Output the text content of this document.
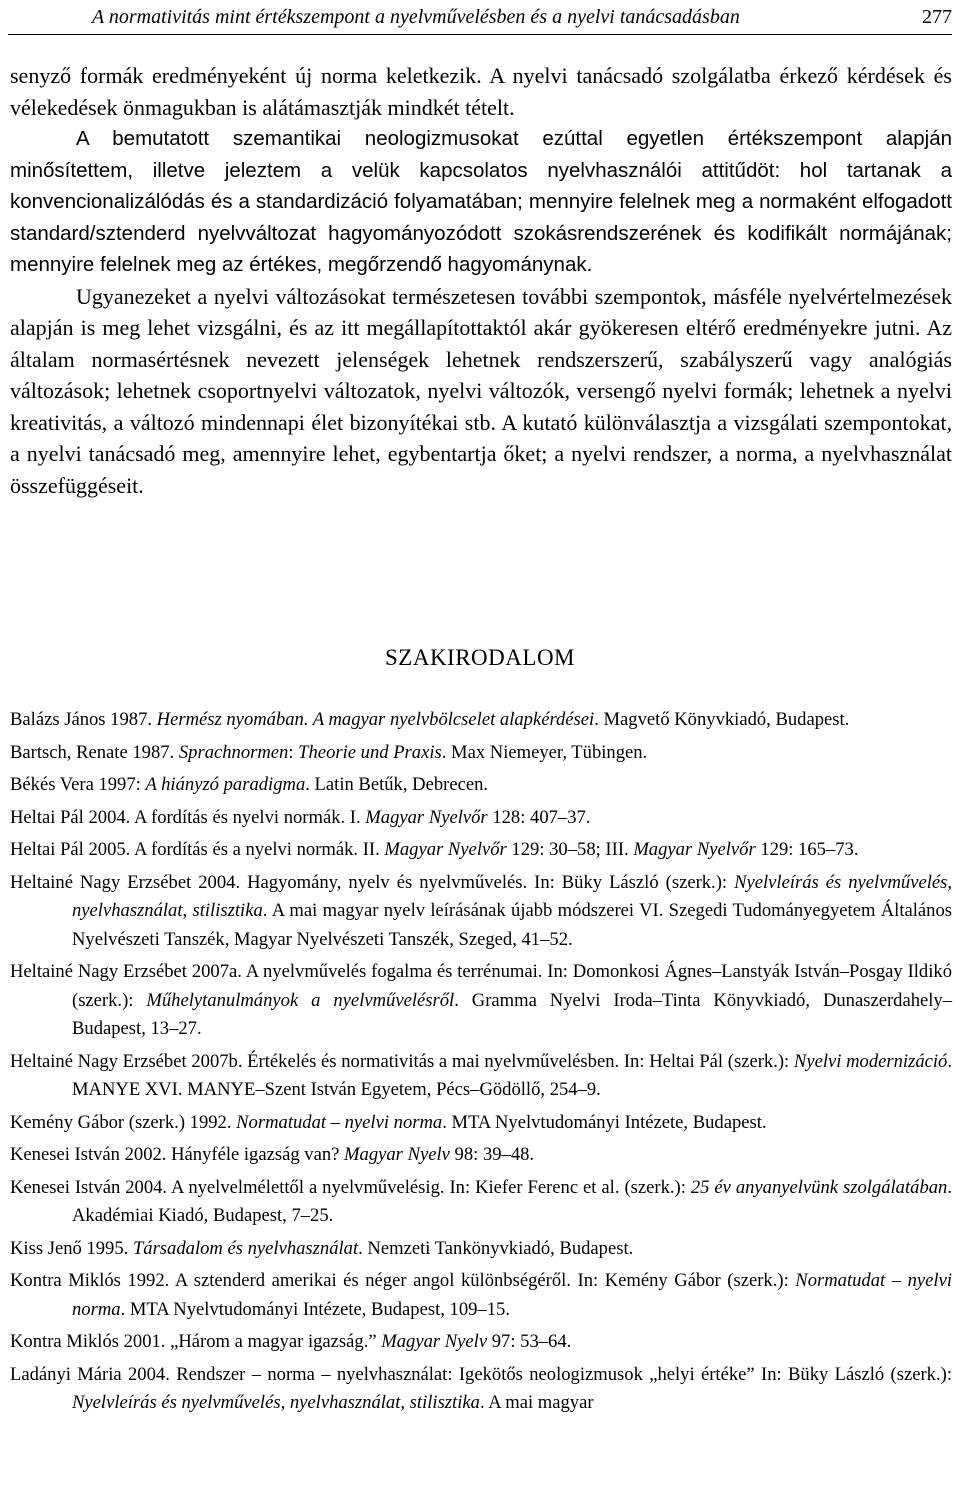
A normativitás mint értékszempont a nyelvművelésben és a nyelvi tanácsadásban	277

senyző formák eredményeként új norma keletkezik. A nyelvi tanácsadó szolgálatba érkező kérdések és vélekedések önmagukban is alátámasztják mindkét tételt.

A bemutatott szemantikai neologizmusokat ezúttal egyetlen értékszempont alapján minősítettem, illetve jeleztem a velük kapcsolatos nyelvhasználói attitűdöt: hol tartanak a konvencionalizálódás és a standardizáció folyamatában; mennyire felelnek meg a normaként elfogadott standard/sztenderd nyelvváltozat hagyományozódott szokásrendszerének és kodifikált normájának; mennyire felelnek meg az értékes, megőrzendő hagyománynak.

Ugyanezeket a nyelvi változásokat természetesen további szempontok, másféle nyelvértelmezések alapján is meg lehet vizsgálni, és az itt megállapítottaktól akár gyökeresen eltérő eredményekre jutni. Az általam normasértésnek nevezett jelenségek lehetnek rendszerszerű, szabályszerű vagy analógiás változások; lehetnek csoportnyelvi változatok, nyelvi változók, versengő nyelvi formák; lehetnek a nyelvi kreativitás, a változó mindennapi élet bizonyítékai stb. A kutató különválasztja a vizsgálati szempontokat, a nyelvi tanácsadó meg, amennyire lehet, egybentartja őket; a nyelvi rendszer, a norma, a nyelvhasználat összefüggéseit.

SZAKIRODALOM

Balázs János 1987. Hermész nyomában. A magyar nyelvbölcselet alapkérdései. Magvető Könyvkiadó, Budapest.

Bartsch, Renate 1987. Sprachnormen: Theorie und Praxis. Max Niemeyer, Tübingen.

Békés Vera 1997: A hiányzó paradigma. Latin Betűk, Debrecen.

Heltai Pál 2004. A fordítás és nyelvi normák. I. Magyar Nyelvőr 128: 407–37.

Heltai Pál 2005. A fordítás és a nyelvi normák. II. Magyar Nyelvőr 129: 30–58; III. Magyar Nyelvőr 129: 165–73.

Heltainé Nagy Erzsébet 2004. Hagyomány, nyelv és nyelvművelés. In: Büky László (szerk.): Nyelvleírás és nyelvművelés, nyelvhasználat, stilisztika. A mai magyar nyelv leírásának újabb módszerei VI. Szegedi Tudományegyetem Általános Nyelvészeti Tanszék, Magyar Nyelvészeti Tanszék, Szeged, 41–52.

Heltainé Nagy Erzsébet 2007a. A nyelvművelés fogalma és terrénumai. In: Domonkosi Ágnes–Lanstyák István–Posgay Ildikó (szerk.): Műhelytanulmányok a nyelvművelésről. Gramma Nyelvi Iroda–Tinta Könyvkiadó, Dunaszerdahely–Budapest, 13–27.

Heltainé Nagy Erzsébet 2007b. Értékelés és normativitás a mai nyelvművelésben. In: Heltai Pál (szerk.): Nyelvi modernizáció. MANYE XVI. MANYE–Szent István Egyetem, Pécs–Gödöllő, 254–9.

Kemény Gábor (szerk.) 1992. Normatudat – nyelvi norma. MTA Nyelvtudományi Intézete, Budapest.

Kenesei István 2002. Hányféle igazság van? Magyar Nyelv 98: 39–48.

Kenesei István 2004. A nyelvelmélettől a nyelvművelésig. In: Kiefer Ferenc et al. (szerk.): 25 év anyanyelvünk szolgálatában. Akadémiai Kiadó, Budapest, 7–25.

Kiss Jenő 1995. Társadalom és nyelvhasználat. Nemzeti Tankönyvkiadó, Budapest.

Kontra Miklós 1992. A sztenderd amerikai és néger angol különbségéről. In: Kemény Gábor (szerk.): Normatudat – nyelvi norma. MTA Nyelvtudományi Intézete, Budapest, 109–15.

Kontra Miklós 2001. „Három a magyar igazság.” Magyar Nyelv 97: 53–64.

Ladányi Mária 2004. Rendszer – norma – nyelvhasználat: Igekötős neologizmusok „helyi értéke” In: Büky László (szerk.): Nyelvleírás és nyelvművelés, nyelvhasználat, stilisztika. A mai magyar
